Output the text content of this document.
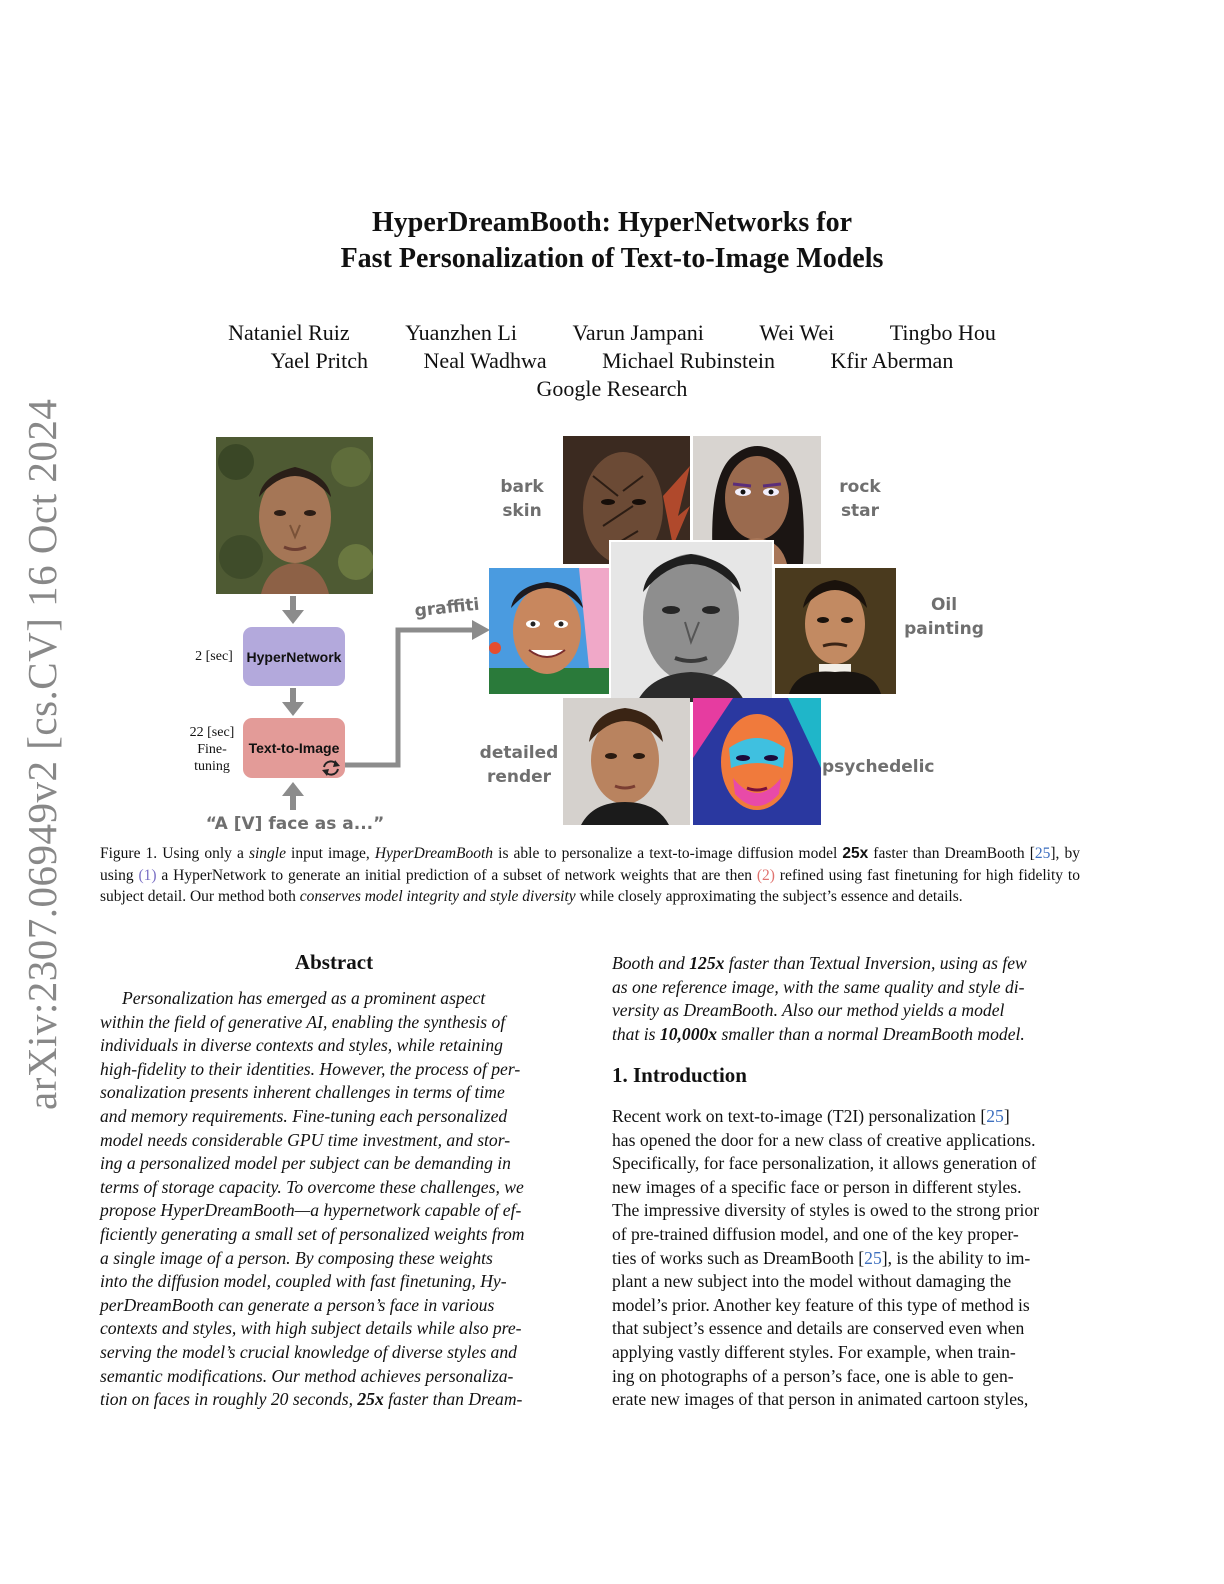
arXiv:2307.06949v2 [cs.CV] 16 Oct 2024
HyperDreamBooth: HyperNetworks for
Fast Personalization of Text-to-Image Models
Nataniel Ruiz	Yuanzhen Li	Varun Jampani	Wei Wei	Tingbo Hou
Yael Pritch	Neal Wadhwa	Michael Rubinstein	Kfir Aberman
Google Research
2 [sec] HyperNetwork
22 [sec]
Fine-
tuning
Text-to-Image
“A [V] face as a...”
bark
skin
rock
star
graffiti	Oil
painting
detailed
render	psychedelic
Figure 1. Using only a single input image, HyperDreamBooth is able to personalize a text-to-image diffusion model 25x faster than DreamBooth [25], by using (1) a HyperNetwork to generate an initial prediction of a subset of network weights that are then (2) refined using fast finetuning for high fidelity to subject detail. Our method both conserves model integrity and style diversity while closely approximating the subject’s essence and details.
Abstract
Personalization has emerged as a prominent aspect
within the field of generative AI, enabling the synthesis of
individuals in diverse contexts and styles, while retaining
high-fidelity to their identities. However, the process of per-
sonalization presents inherent challenges in terms of time
and memory requirements. Fine-tuning each personalized
model needs considerable GPU time investment, and stor-
ing a personalized model per subject can be demanding in
terms of storage capacity. To overcome these challenges, we
propose HyperDreamBooth—a hypernetwork capable of ef-
ficiently generating a small set of personalized weights from
a single image of a person. By composing these weights
into the diffusion model, coupled with fast finetuning, Hy-
perDreamBooth can generate a person’s face in various
contexts and styles, with high subject details while also pre-
serving the model’s crucial knowledge of diverse styles and
semantic modifications. Our method achieves personaliza-
tion on faces in roughly 20 seconds, 25x faster than Dream-
Booth and 125x faster than Textual Inversion, using as few
as one reference image, with the same quality and style di-
versity as DreamBooth. Also our method yields a model
that is 10,000x smaller than a normal DreamBooth model.
1. Introduction
Recent work on text-to-image (T2I) personalization [25]
has opened the door for a new class of creative applications.
Specifically, for face personalization, it allows generation of
new images of a specific face or person in different styles.
The impressive diversity of styles is owed to the strong prior
of pre-trained diffusion model, and one of the key proper-
ties of works such as DreamBooth [25], is the ability to im-
plant a new subject into the model without damaging the
model’s prior. Another key feature of this type of method is
that subject’s essence and details are conserved even when
applying vastly different styles. For example, when train-
ing on photographs of a person’s face, one is able to gen-
erate new images of that person in animated cartoon styles,
